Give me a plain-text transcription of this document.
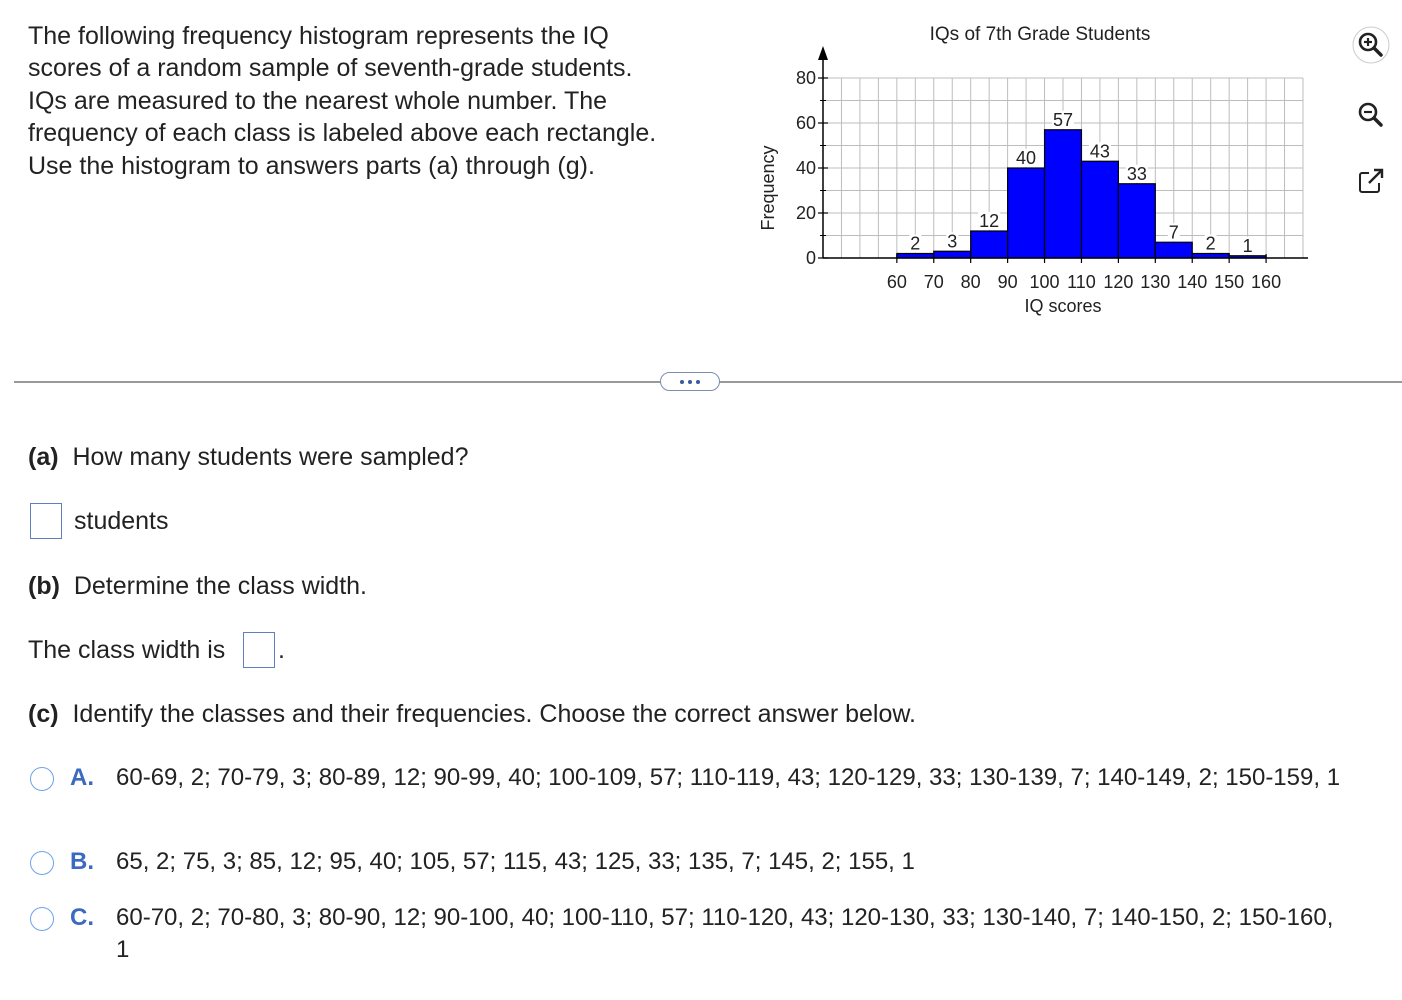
The following frequency histogram represents the IQ scores of a random sample of seventh-grade students. IQs are measured to the nearest whole number. The frequency of each class is labeled above each rectangle. Use the histogram to answers parts (a) through (g).
IQs of 7th Grade Students
0
20
40
60
80
60 70 80 90 100 110 120 130 140 150 160
2 3
12
40
57
43
33
7
2 1
IQ scores
Frequency
(a) How many students were sampled?
students
(b) Determine the class width.
The class width is .
(c) Identify the classes and their frequencies. Choose the correct answer below.
A. 60-69, 2; 70-79, 3; 80-89, 12; 90-99, 40; 100-109, 57; 110-119, 43; 120-129, 33; 130-139, 7; 140-149, 2; 150-159, 1
B. 65, 2; 75, 3; 85, 12; 95, 40; 105, 57; 115, 43; 125, 33; 135, 7; 145, 2; 155, 1
C. 60-70, 2; 70-80, 3; 80-90, 12; 90-100, 40; 100-110, 57; 110-120, 43; 120-130, 33; 130-140, 7; 140-150, 2; 150-160, 1
